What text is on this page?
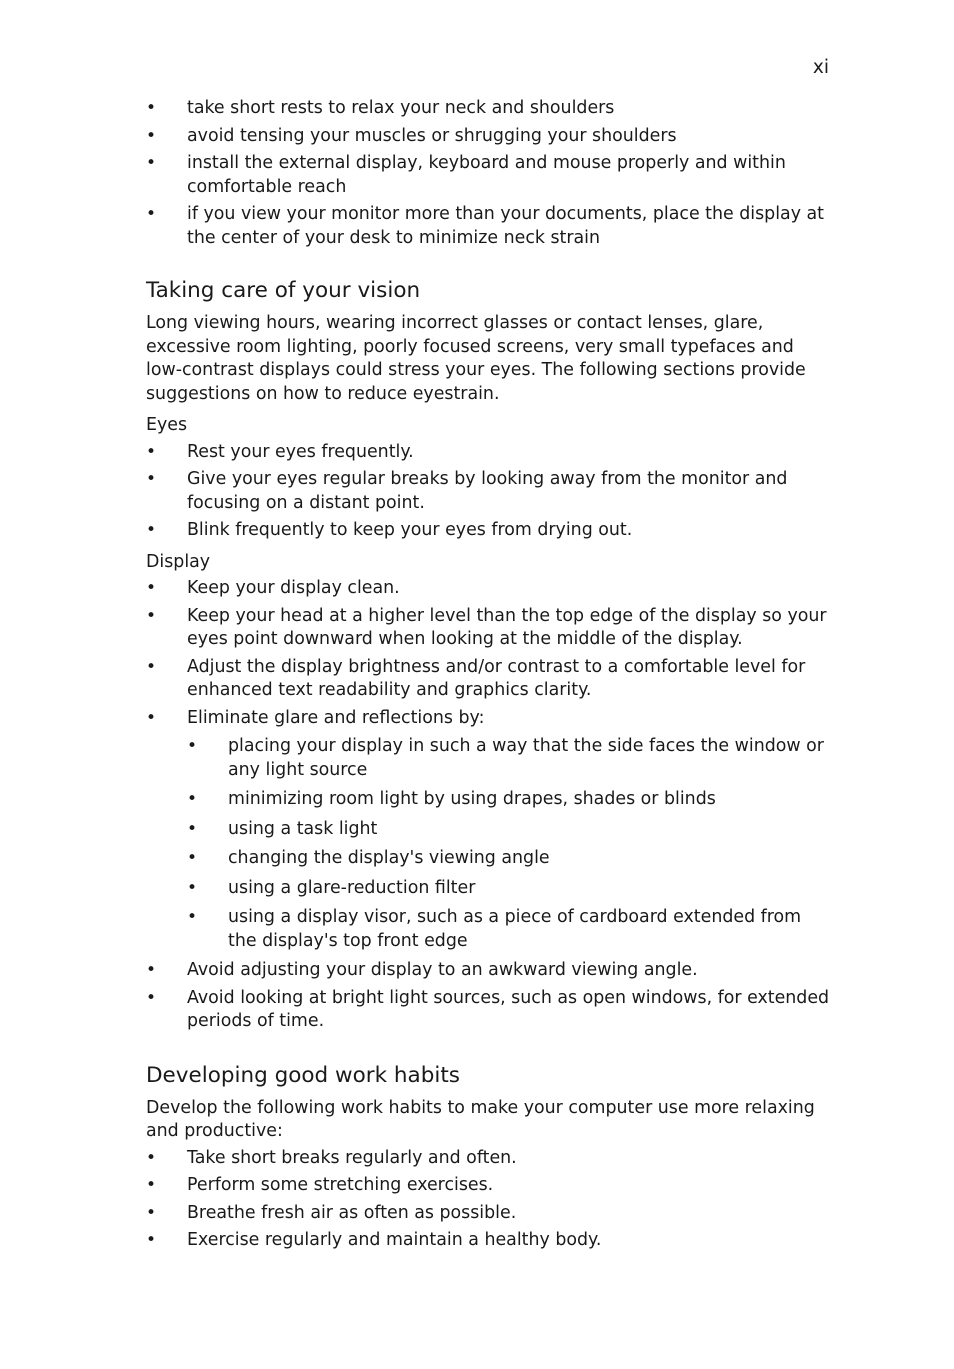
xi
• take short rests to relax your neck and shoulders
• avoid tensing your muscles or shrugging your shoulders
• install the external display, keyboard and mouse properly and within comfortable reach
• if you view your monitor more than your documents, place the display at the center of your desk to minimize neck strain
Taking care of your vision

Long viewing hours, wearing incorrect glasses or contact lenses, glare, excessive room lighting, poorly focused screens, very small typefaces and low-contrast displays could stress your eyes. The following sections provide suggestions on how to reduce eyestrain.

Eyes

• Rest your eyes frequently.
• Give your eyes regular breaks by looking away from the monitor and focusing on a distant point.
• Blink frequently to keep your eyes from drying out.

Display

• Keep your display clean.
• Keep your head at a higher level than the top edge of the display so your eyes point downward when looking at the middle of the display.
• Adjust the display brightness and/or contrast to a comfortable level for enhanced text readability and graphics clarity.
• Eliminate glare and reflections by:
• placing your display in such a way that the side faces the window or any light source
• minimizing room light by using drapes, shades or blinds
• using a task light
• changing the display's viewing angle
• using a glare-reduction filter
• using a display visor, such as a piece of cardboard extended from the display's top front edge
• Avoid adjusting your display to an awkward viewing angle.
• Avoid looking at bright light sources, such as open windows, for extended periods of time.
Developing good work habits

Develop the following work habits to make your computer use more relaxing and productive:

• Take short breaks regularly and often.
• Perform some stretching exercises.
• Breathe fresh air as often as possible.
• Exercise regularly and maintain a healthy body.
